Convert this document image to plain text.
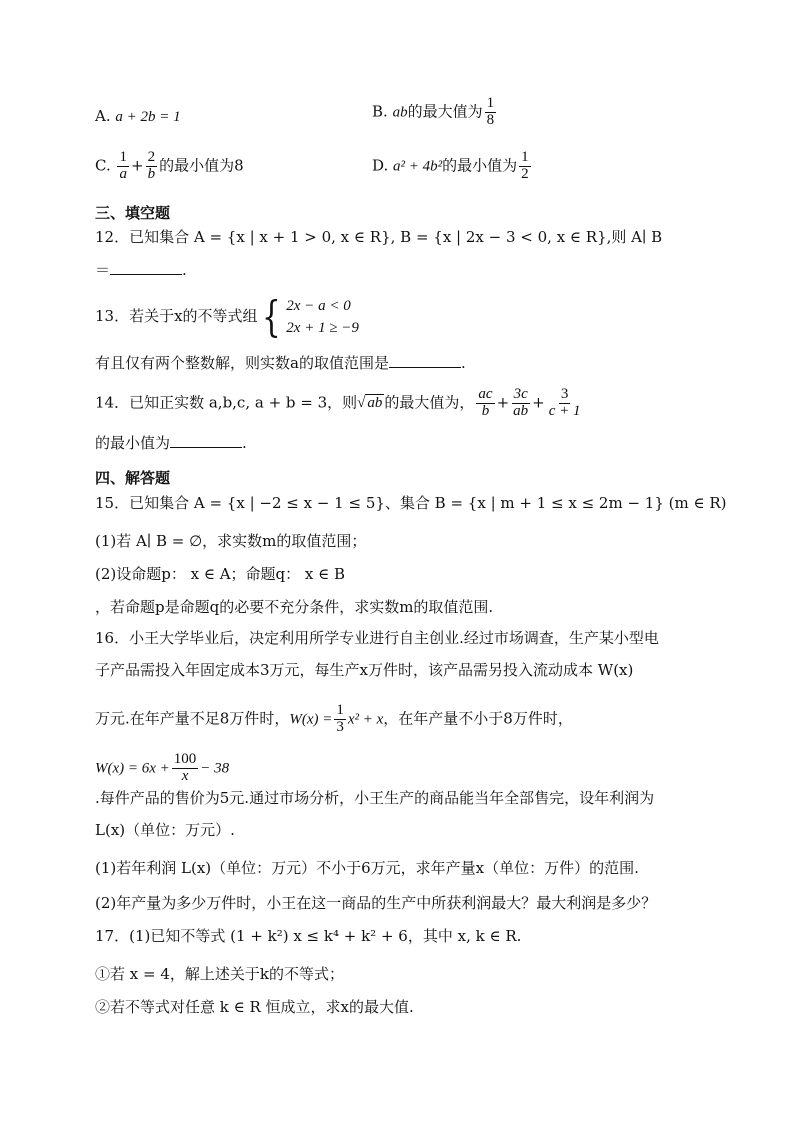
A. a + 2b = 1	B. ab的最大值为 $\frac{1}{8}$
C. $\frac{1}{a} + \frac{2}{b}$ 的最小值为8	D. a² + 4b²的最小值为 $\frac{1}{2}$
三、填空题
12．已知集合 A = {x | x + 1 > 0, x ∈ R}, B = {x | 2x − 3 < 0, x ∈ R},则 A∣ B
＝	.
13．若关于x的不等式组 { 2x − a < 0
2x + 1 ≥ −9
有且仅有两个整数解，则实数a的取值范围是	.
14．已知正实数 a,b,c, a + b = 3，则√ ab 的最大值为， $\frac{ac}{b} + \frac{3c}{ab} + \frac{3}{c + 1}$
的最小值为	.
四、解答题
15．已知集合 A = {x | −2 ≤ x − 1 ≤ 5}、集合 B = {x | m + 1 ≤ x ≤ 2m − 1} (m ∈ R)
(1)若 A∣ B = ∅，求实数m的取值范围；
(2)设命题p： x ∈ A；命题q： x ∈ B
，若命题p是命题q的必要不充分条件，求实数m的取值范围.
16．小王大学毕业后，决定利用所学专业进行自主创业.经过市场调查，生产某小型电
子产品需投入年固定成本3万元，每生产x万件时，该产品需另投入流动成本 W(x)
万元.在年产量不足8万件时，$W(x) = \frac{1}{3} x^2 + x$，在年产量不小于8万件时，
$W(x) = 6x + \frac{100}{x} - 38$
.每件产品的售价为5元.通过市场分析，小王生产的商品能当年全部售完，设年利润为
L(x)（单位：万元）.
(1)若年利润 L(x)（单位：万元）不小于6万元，求年产量x（单位：万件）的范围.
(2)年产量为多少万件时，小王在这一商品的生产中所获利润最大？最大利润是多少？
17．(1)已知不等式 (1 + k²) x ≤ k⁴ + k² + 6，其中 x, k ∈ R.
①若 x = 4，解上述关于k的不等式；
②若不等式对任意 k ∈ R 恒成立，求x的最大值.
